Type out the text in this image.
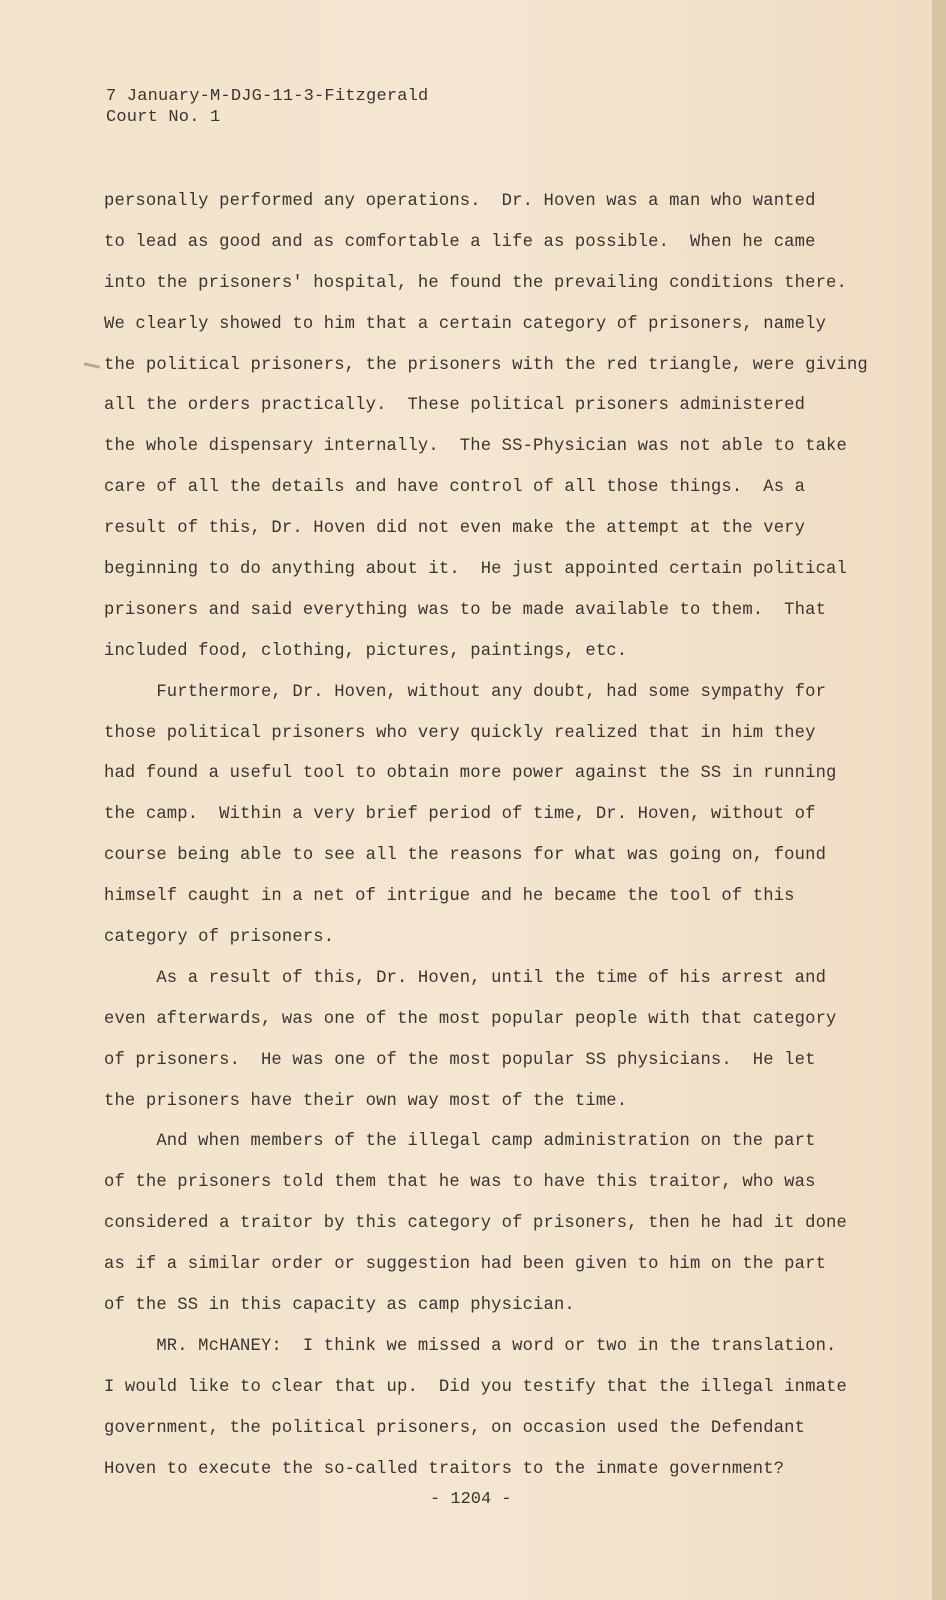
7 January-M-DJG-11-3-Fitzgerald
Court No. 1
personally performed any operations.  Dr. Hoven was a man who wanted
to lead as good and as comfortable a life as possible.  When he came
into the prisoners' hospital, he found the prevailing conditions there.
We clearly showed to him that a certain category of prisoners, namely
the political prisoners, the prisoners with the red triangle, were giving
all the orders practically.  These political prisoners administered
the whole dispensary internally.  The SS-Physician was not able to take
care of all the details and have control of all those things.  As a
result of this, Dr. Hoven did not even make the attempt at the very
beginning to do anything about it.  He just appointed certain political
prisoners and said everything was to be made available to them.  That
included food, clothing, pictures, paintings, etc.
Furthermore, Dr. Hoven, without any doubt, had some sympathy for
those political prisoners who very quickly realized that in him they
had found a useful tool to obtain more power against the SS in running
the camp.  Within a very brief period of time, Dr. Hoven, without of
course being able to see all the reasons for what was going on, found
himself caught in a net of intrigue and he became the tool of this
category of prisoners.
As a result of this, Dr. Hoven, until the time of his arrest and
even afterwards, was one of the most popular people with that category
of prisoners.  He was one of the most popular SS physicians.  He let
the prisoners have their own way most of the time.
And when members of the illegal camp administration on the part
of the prisoners told them that he was to have this traitor, who was
considered a traitor by this category of prisoners, then he had it done
as if a similar order or suggestion had been given to him on the part
of the SS in this capacity as camp physician.
MR. McHANEY:  I think we missed a word or two in the translation.
I would like to clear that up.  Did you testify that the illegal inmate
government, the political prisoners, on occasion used the Defendant
Hoven to execute the so-called traitors to the inmate government?
- 1204 -
